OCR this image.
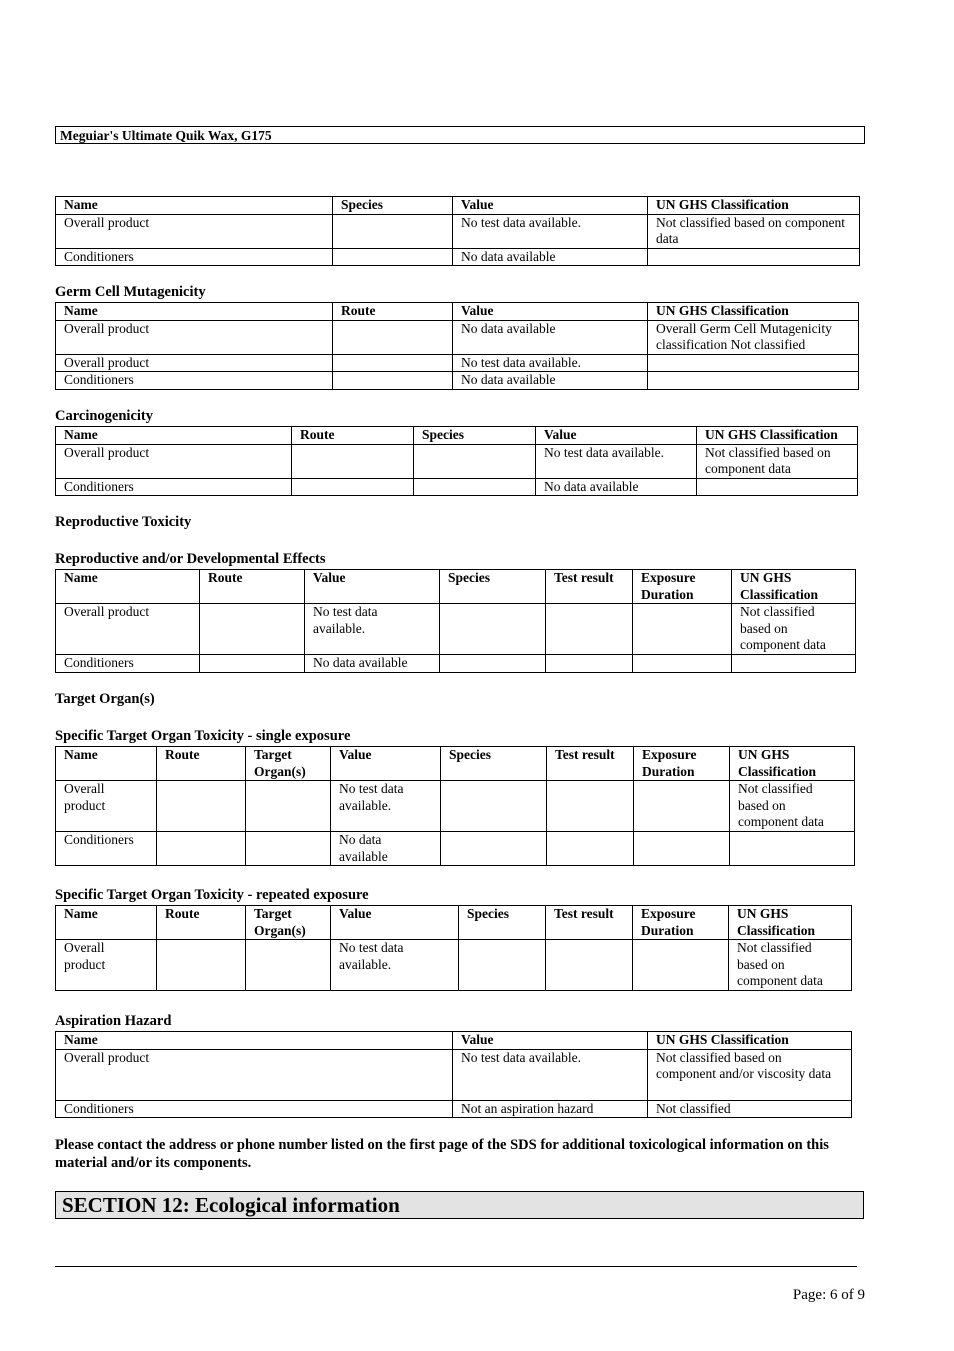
Meguiar's Ultimate Quik Wax, G175
Name	Species	Value	UN GHS Classification
Overall product		No test data available.	Not classified based on component data
Conditioners		No data available	
Germ Cell Mutagenicity
Name	Route	Value	UN GHS Classification
Overall product		No data available	Overall Germ Cell Mutagenicity classification Not classified
Overall product		No test data available.	
Conditioners		No data available	
Carcinogenicity
Name	Route	Species	Value	UN GHS Classification
Overall product			No test data available.	Not classified based on component data
Conditioners			No data available	
Reproductive Toxicity
Reproductive and/or Developmental Effects
Name	Route	Value	Species	Test result	Exposure Duration	UN GHS Classification
Overall product		No test data available.				Not classified based on component data
Conditioners		No data available				
Target Organ(s)
Specific Target Organ Toxicity - single exposure
Name	Route	Target Organ(s)	Value	Species	Test result	Exposure Duration	UN GHS Classification
Overall product			No test data available.				Not classified based on component data
Conditioners			No data available				
Specific Target Organ Toxicity - repeated exposure
Name	Route	Target Organ(s)	Value	Species	Test result	Exposure Duration	UN GHS Classification
Overall product			No test data available.				Not classified based on component data
Aspiration Hazard
Name	Value	UN GHS Classification
Overall product	No test data available.	Not classified based on component and/or viscosity data
Conditioners	Not an aspiration hazard	Not classified
Please contact the address or phone number listed on the first page of the SDS for additional toxicological information on this material and/or its components.
SECTION 12: Ecological information
Page: 6 of 9
